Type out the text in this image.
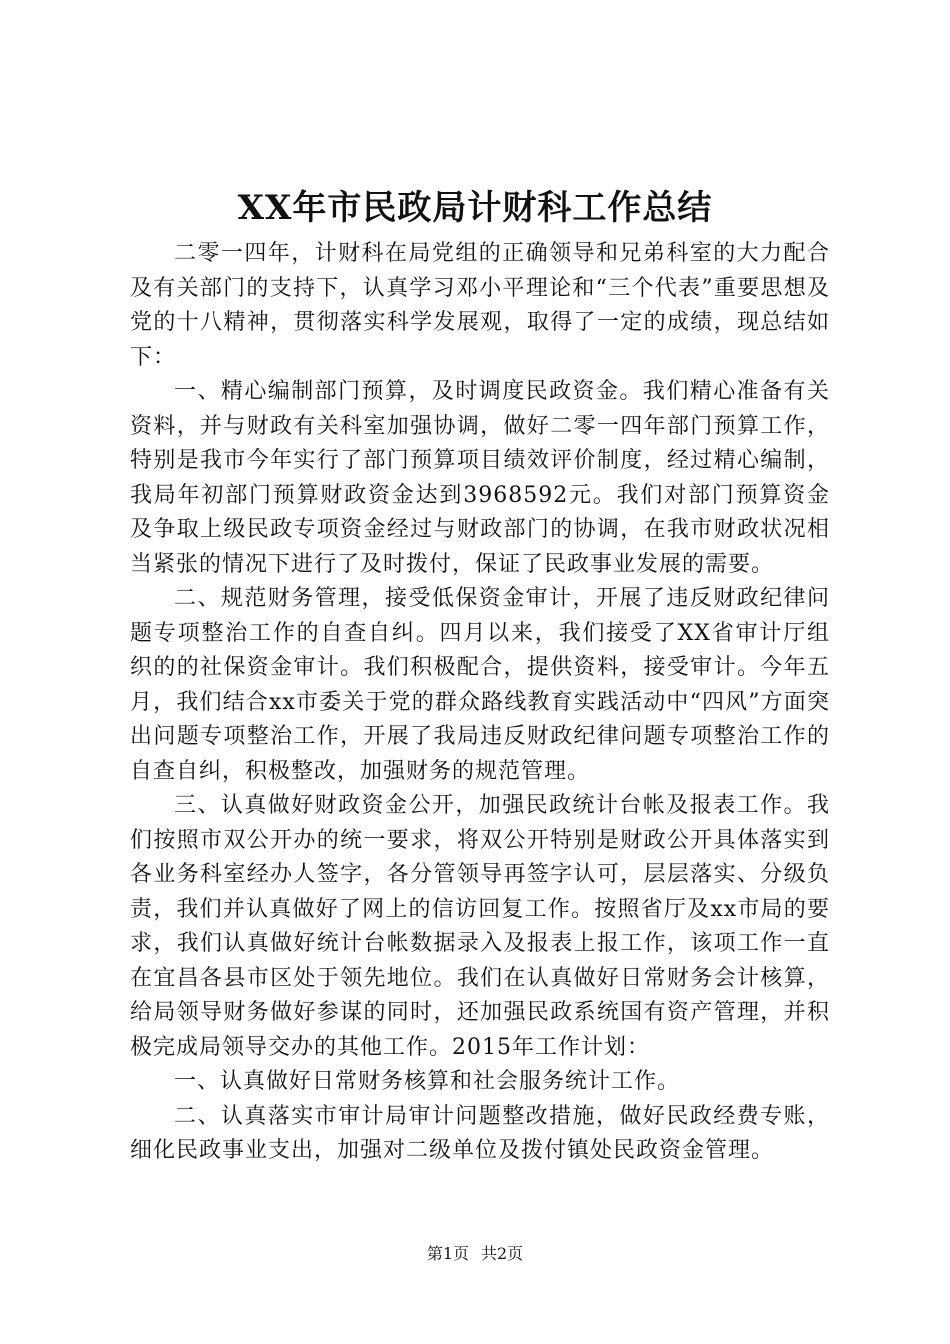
XX年市民政局计财科工作总结

二零一四年，计财科在局党组的正确领导和兄弟科室的大力配合及有关部门的支持下，认真学习邓小平理论和“三个代表”重要思想及党的十八精神，贯彻落实科学发展观，取得了一定的成绩，现总结如下：

一、精心编制部门预算，及时调度民政资金。我们精心准备有关资料，并与财政有关科室加强协调，做好二零一四年部门预算工作，特别是我市今年实行了部门预算项目绩效评价制度，经过精心编制，我局年初部门预算财政资金达到3968592元。我们对部门预算资金及争取上级民政专项资金经过与财政部门的协调，在我市财政状况相当紧张的情况下进行了及时拨付，保证了民政事业发展的需要。

二、规范财务管理，接受低保资金审计，开展了违反财政纪律问题专项整治工作的自查自纠。四月以来，我们接受了XX省审计厅组织的的社保资金审计。我们积极配合，提供资料，接受审计。今年五月，我们结合xx市委关于党的群众路线教育实践活动中“四风”方面突出问题专项整治工作，开展了我局违反财政纪律问题专项整治工作的自查自纠，积极整改，加强财务的规范管理。

三、认真做好财政资金公开，加强民政统计台帐及报表工作。我们按照市双公开办的统一要求，将双公开特别是财政公开具体落实到各业务科室经办人签字，各分管领导再签字认可，层层落实、分级负责，我们并认真做好了网上的信访回复工作。按照省厅及xx市局的要求，我们认真做好统计台帐数据录入及报表上报工作，该项工作一直在宜昌各县市区处于领先地位。我们在认真做好日常财务会计核算，给局领导财务做好参谋的同时，还加强民政系统国有资产管理，并积极完成局领导交办的其他工作。2015年工作计划：

一、认真做好日常财务核算和社会服务统计工作。

二、认真落实市审计局审计问题整改措施，做好民政经费专账，细化民政事业支出，加强对二级单位及拨付镇处民政资金管理。

第1页 共2页
